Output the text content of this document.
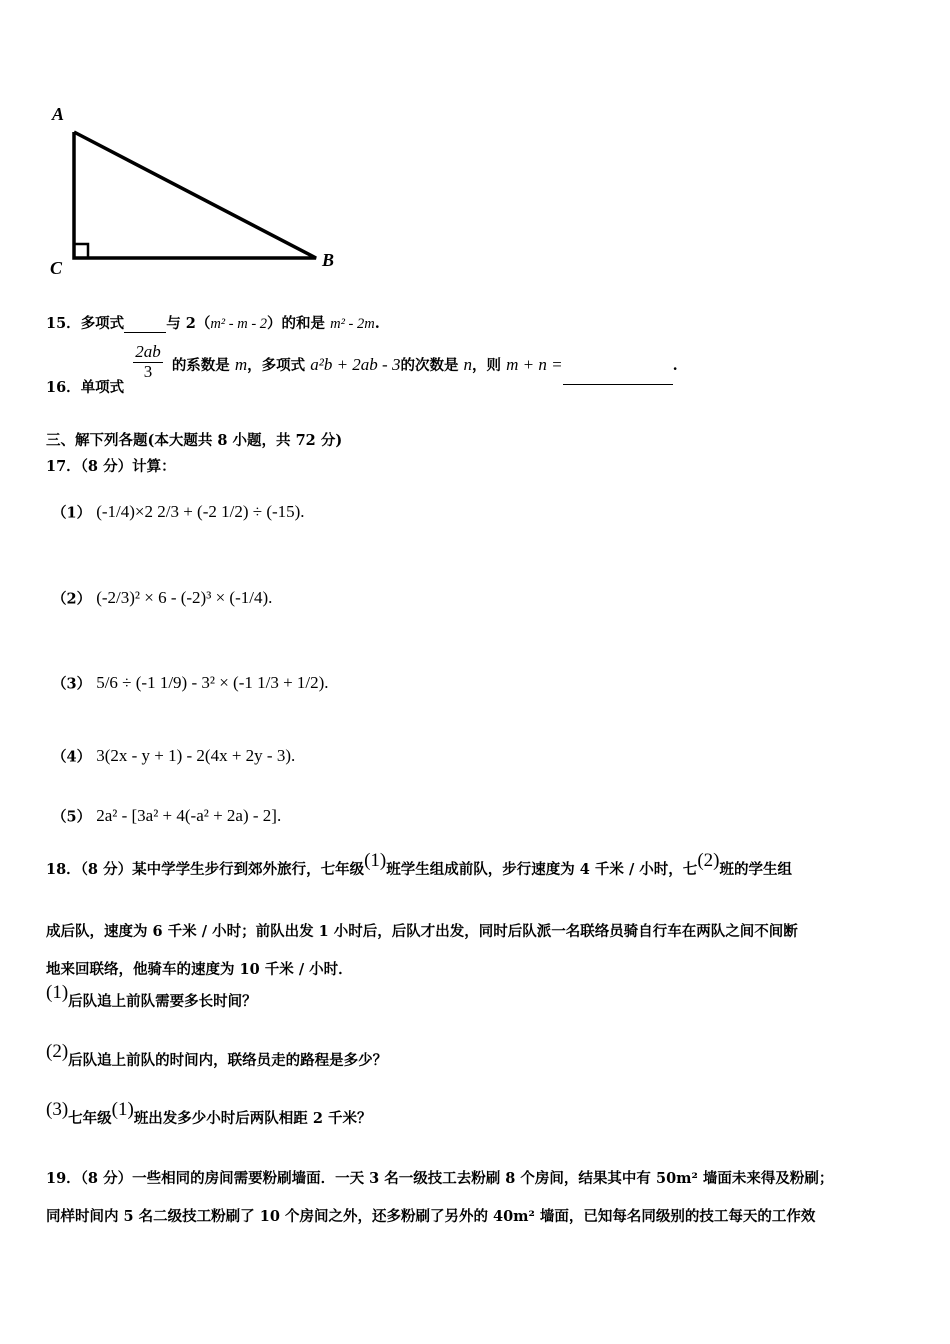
A
C	B
15．多项式	与 2（m² - m - 2）的和是 m² - 2m.
16．单项式
$\frac{2ab}{3}$ 的系数是 m，多项式 a²b + 2ab - 3的次数是 n，则 m + n =	.
三、解下列各题(本大题共 8 小题，共 72 分)
17．（8 分）计算：
（1） (-1/4)×2 2/3 + (-2 1/2) ÷ (-15).
（2） (-2/3)² × 6 - (-2)³ × (-1/4).
（3） 5/6 ÷ (-1 1/9) - 3² × (-1 1/3 + 1/2).
（4） 3(2x - y + 1) - 2(4x + 2y - 3).
（5） 2a² - [3a² + 4(-a² + 2a) - 2].
18．（8 分）某中学学生步行到郊外旅行，七年级(1)班学生组成前队，步行速度为 4 千米 / 小时，七(2)班的学生组
成后队，速度为 6 千米 / 小时；前队出发 1 小时后，后队才出发，同时后队派一名联络员骑自行车在两队之间不间断
地来回联络，他骑车的速度为 10 千米 / 小时．
(1)后队追上前队需要多长时间？
(2)后队追上前队的时间内，联络员走的路程是多少？
(3)七年级(1)班出发多少小时后两队相距 2 千米？
19．（8 分）一些相同的房间需要粉刷墙面．一天 3 名一级技工去粉刷 8 个房间，结果其中有 50m² 墙面未来得及粉刷；
同样时间内 5 名二级技工粉刷了 10 个房间之外，还多粉刷了另外的 40m² 墙面，已知每名同级别的技工每天的工作效
